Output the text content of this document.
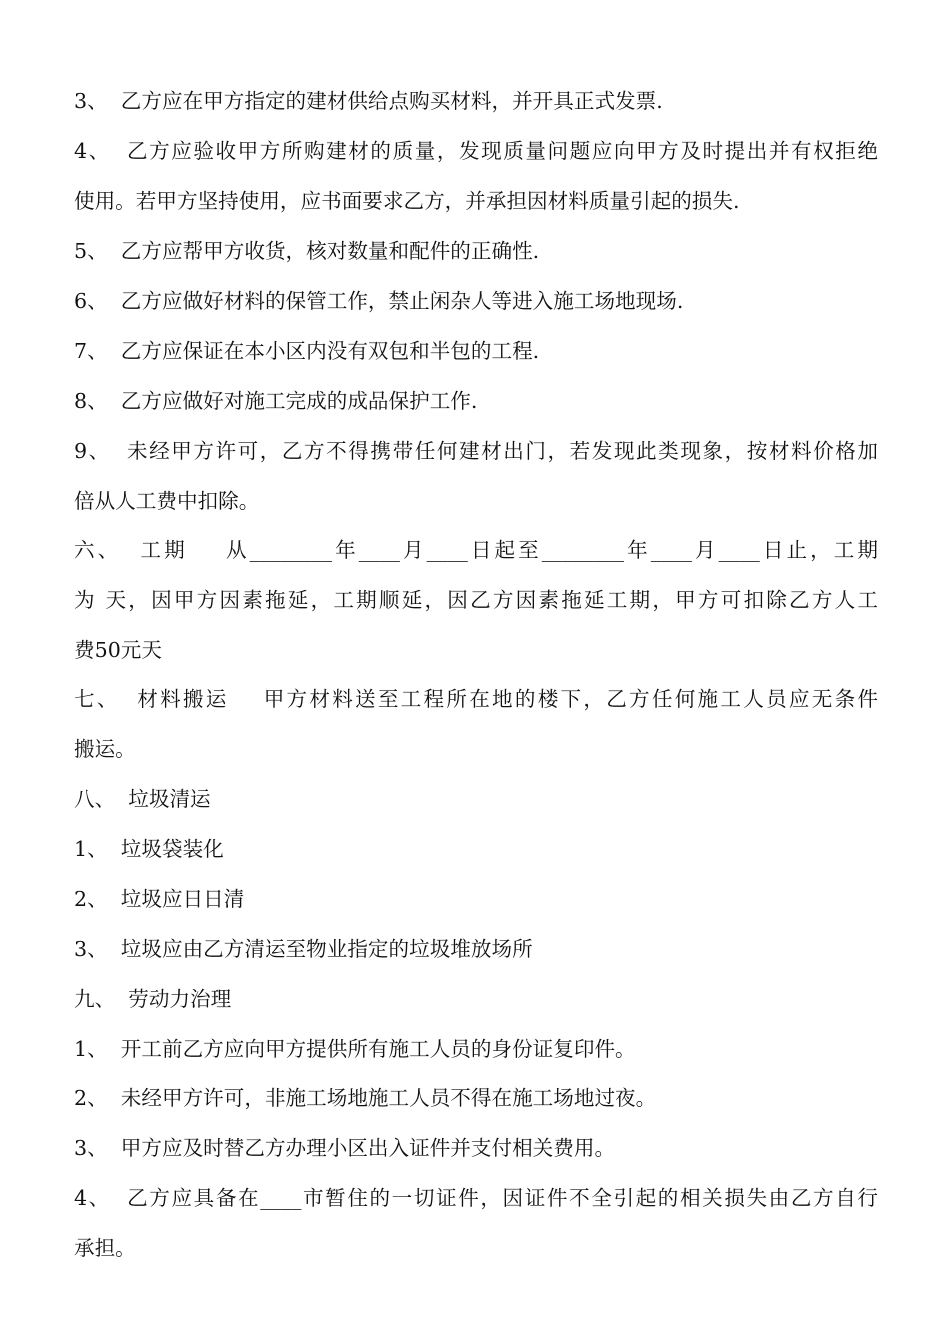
3、  乙方应在甲方指定的建材供给点购买材料，并开具正式发票.
4、  乙方应验收甲方所购建材的质量，发现质量问题应向甲方及时提出并有权拒绝
使用。若甲方坚持使用，应书面要求乙方，并承担因材料质量引起的损失.
5、  乙方应帮甲方收货，核对数量和配件的正确性.
6、  乙方应做好材料的保管工作，禁止闲杂人等进入施工场地现场.
7、  乙方应保证在本小区内没有双包和半包的工程.
8、  乙方应做好对施工完成的成品保护工作.
9、  未经甲方许可，乙方不得携带任何建材出门，若发现此类现象，按材料价格加
倍从人工费中扣除。
六、  工期    从________年____月____日起至________年____月____日止，工期
为 天，因甲方因素拖延，工期顺延，因乙方因素拖延工期，甲方可扣除乙方人工
费50元天
七、  材料搬运    甲方材料送至工程所在地的楼下，乙方任何施工人员应无条件
搬运。
八、  垃圾清运
1、  垃圾袋装化
2、  垃圾应日日清
3、  垃圾应由乙方清运至物业指定的垃圾堆放场所
九、  劳动力治理
1、  开工前乙方应向甲方提供所有施工人员的身份证复印件。
2、  未经甲方许可，非施工场地施工人员不得在施工场地过夜。
3、  甲方应及时替乙方办理小区出入证件并支付相关费用。
4、  乙方应具备在____市暂住的一切证件，因证件不全引起的相关损失由乙方自行
承担。
